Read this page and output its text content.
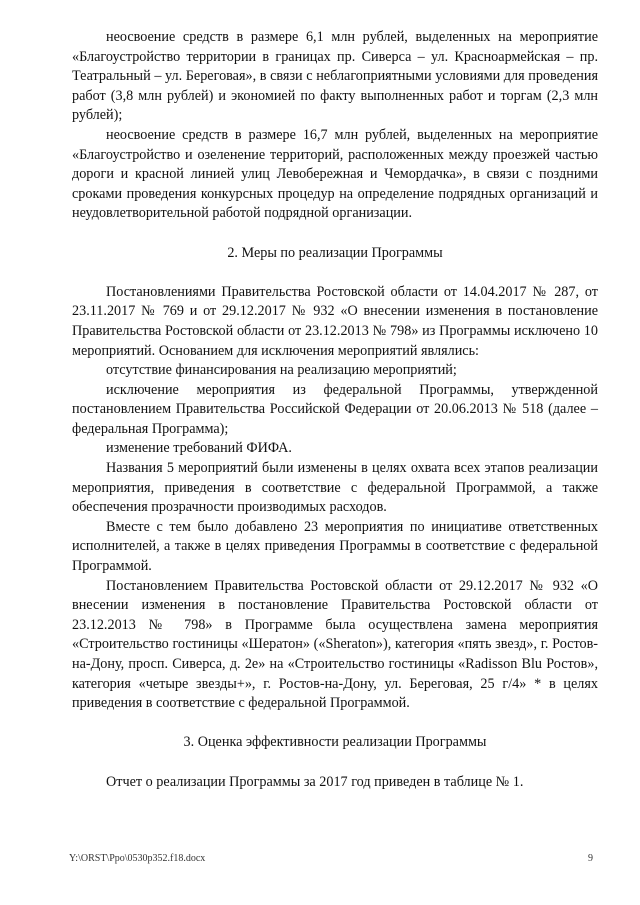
неосвоение средств в размере 6,1 млн рублей, выделенных на мероприятие «Благоустройство территории в границах пр. Сиверса – ул. Красноармейская – пр. Театральный – ул. Береговая», в связи с неблагоприятными условиями для проведения работ (3,8 млн рублей) и экономией по факту выполненных работ и торгам (2,3 млн рублей);

неосвоение средств в размере 16,7 млн рублей, выделенных на мероприятие «Благоустройство и озеленение территорий, расположенных между проезжей частью дороги и красной линией улиц Левобережная и Чемордачка», в связи с поздними сроками проведения конкурсных процедур на определение подрядных организаций и неудовлетворительной работой подрядной организации.

2. Меры по реализации Программы

Постановлениями Правительства Ростовской области от 14.04.2017 № 287, от 23.11.2017 № 769 и от 29.12.2017 № 932 «О внесении изменения в постановление Правительства Ростовской области от 23.12.2013 № 798» из Программы исключено 10 мероприятий. Основанием для исключения мероприятий являлись:

отсутствие финансирования на реализацию мероприятий;

исключение мероприятия из федеральной Программы, утвержденной постановлением Правительства Российской Федерации от 20.06.2013 № 518 (далее – федеральная Программа);

изменение требований ФИФА.

Названия 5 мероприятий были изменены в целях охвата всех этапов реализации мероприятия, приведения в соответствие с федеральной Программой, а также обеспечения прозрачности производимых расходов.

Вместе с тем было добавлено 23 мероприятия по инициативе ответственных исполнителей, а также в целях приведения Программы в соответствие с федеральной Программой.

Постановлением Правительства Ростовской области от 29.12.2017 № 932 «О внесении изменения в постановление Правительства Ростовской области от 23.12.2013 № 798» в Программе была осуществлена замена мероприятия «Строительство гостиницы «Шератон» («Sheraton»), категория «пять звезд», г. Ростов-на-Дону, просп. Сиверса, д. 2е» на «Строительство гостиницы «Radisson Blu Ростов», категория «четыре звезды+», г. Ростов-на-Дону, ул. Береговая, 25 г/4» * в целях приведения в соответствие с федеральной Программой.

3. Оценка эффективности реализации Программы

Отчет о реализации Программы за 2017 год приведен в таблице № 1.

Y:\ORST\Ppo\0530p352.f18.docx	9
